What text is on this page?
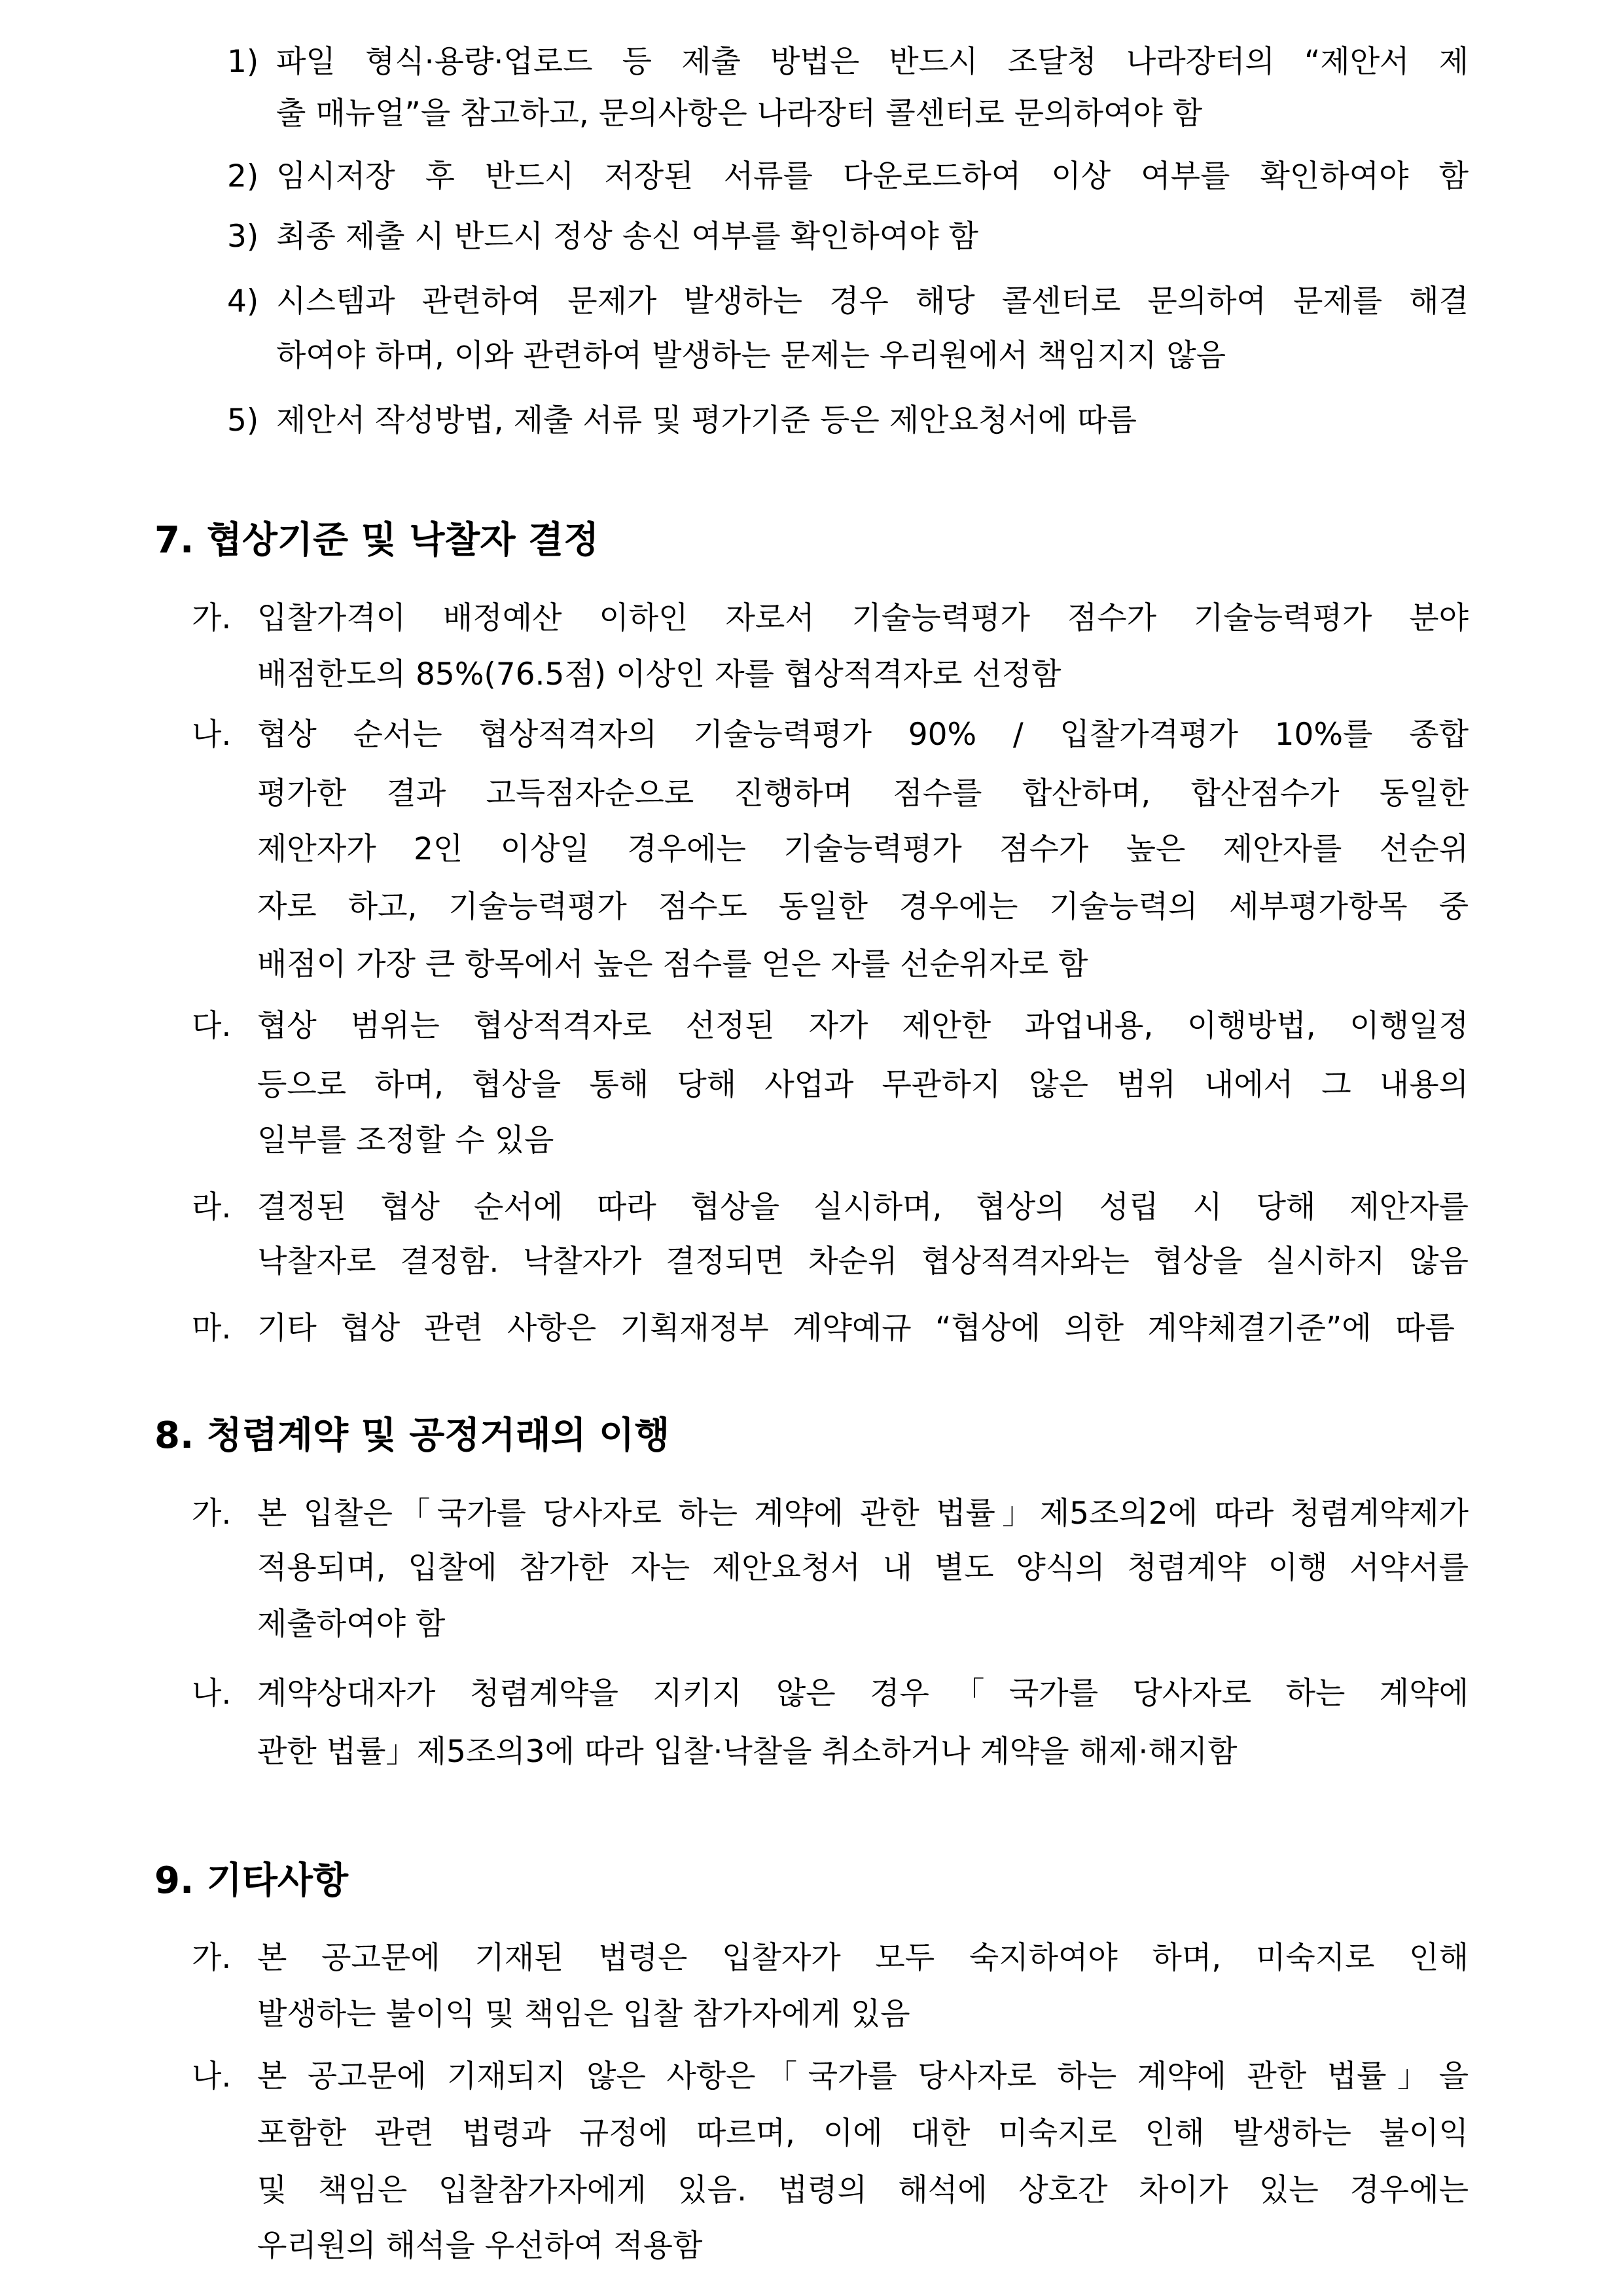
1) 파일 형식·용량·업로드 등 제출 방법은 반드시 조달청 나라장터의 “제안서 제
출 매뉴얼”을 참고하고, 문의사항은 나라장터 콜센터로 문의하여야 함
2) 임시저장 후 반드시 저장된 서류를 다운로드하여 이상 여부를 확인하여야 함
3) 최종 제출 시 반드시 정상 송신 여부를 확인하여야 함
4) 시스템과 관련하여 문제가 발생하는 경우 해당 콜센터로 문의하여 문제를 해결
하여야 하며, 이와 관련하여 발생하는 문제는 우리원에서 책임지지 않음
5) 제안서 작성방법, 제출 서류 및 평가기준 등은 제안요청서에 따름
7. 협상기준 및 낙찰자 결정
가. 입찰가격이 배정예산 이하인 자로서 기술능력평가 점수가 기술능력평가 분야
배점한도의 85%(76.5점) 이상인 자를 협상적격자로 선정함
나. 협상 순서는 협상적격자의 기술능력평가 90% / 입찰가격평가 10%를 종합
평가한 결과 고득점자순으로 진행하며 점수를 합산하며, 합산점수가 동일한
제안자가 2인 이상일 경우에는 기술능력평가 점수가 높은 제안자를 선순위
자로 하고, 기술능력평가 점수도 동일한 경우에는 기술능력의 세부평가항목 중
배점이 가장 큰 항목에서 높은 점수를 얻은 자를 선순위자로 함
다. 협상 범위는 협상적격자로 선정된 자가 제안한 과업내용, 이행방법, 이행일정
등으로 하며, 협상을 통해 당해 사업과 무관하지 않은 범위 내에서 그 내용의
일부를 조정할 수 있음
라. 결정된 협상 순서에 따라 협상을 실시하며, 협상의 성립 시 당해 제안자를
낙찰자로 결정함. 낙찰자가 결정되면 차순위 협상적격자와는 협상을 실시하지 않음
마. 기타 협상 관련 사항은 기획재정부 계약예규 “협상에 의한 계약체결기준”에 따름
8. 청렴계약 및 공정거래의 이행
가. 본 입찰은「국가를 당사자로 하는 계약에 관한 법률」제5조의2에 따라 청렴계약제가
적용되며, 입찰에 참가한 자는 제안요청서 내 별도 양식의 청렴계약 이행 서약서를
제출하여야 함
나. 계약상대자가 청렴계약을 지키지 않은 경우「국가를 당사자로 하는 계약에
관한 법률」제5조의3에 따라 입찰·낙찰을 취소하거나 계약을 해제·해지함
9. 기타사항
가. 본 공고문에 기재된 법령은 입찰자가 모두 숙지하여야 하며, 미숙지로 인해
발생하는 불이익 및 책임은 입찰 참가자에게 있음
나. 본 공고문에 기재되지 않은 사항은「국가를 당사자로 하는 계약에 관한 법률」을
포함한 관련 법령과 규정에 따르며, 이에 대한 미숙지로 인해 발생하는 불이익
및 책임은 입찰참가자에게 있음. 법령의 해석에 상호간 차이가 있는 경우에는
우리원의 해석을 우선하여 적용함
